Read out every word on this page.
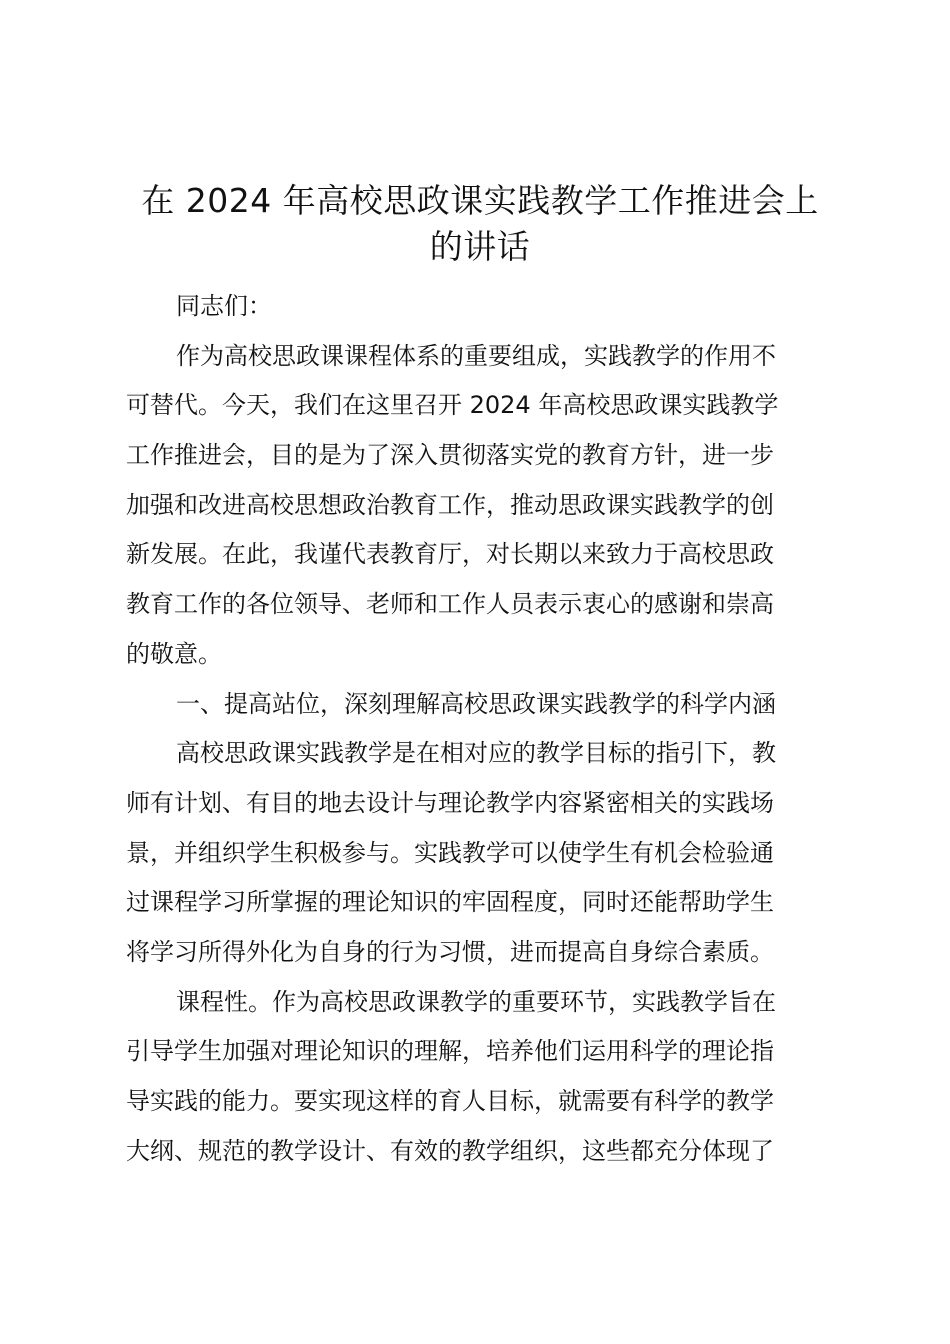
在 2024 年高校思政课实践教学工作推进会上
的讲话

同志们：

作为高校思政课课程体系的重要组成，实践教学的作用不
可替代。今天，我们在这里召开 2024 年高校思政课实践教学
工作推进会，目的是为了深入贯彻落实党的教育方针，进一步
加强和改进高校思想政治教育工作，推动思政课实践教学的创
新发展。在此，我谨代表教育厅，对长期以来致力于高校思政
教育工作的各位领导、老师和工作人员表示衷心的感谢和崇高
的敬意。

一、提高站位，深刻理解高校思政课实践教学的科学内涵

高校思政课实践教学是在相对应的教学目标的指引下，教
师有计划、有目的地去设计与理论教学内容紧密相关的实践场
景，并组织学生积极参与。实践教学可以使学生有机会检验通
过课程学习所掌握的理论知识的牢固程度，同时还能帮助学生
将学习所得外化为自身的行为习惯，进而提高自身综合素质。

课程性。作为高校思政课教学的重要环节，实践教学旨在
引导学生加强对理论知识的理解，培养他们运用科学的理论指
导实践的能力。要实现这样的育人目标，就需要有科学的教学
大纲、规范的教学设计、有效的教学组织，这些都充分体现了
